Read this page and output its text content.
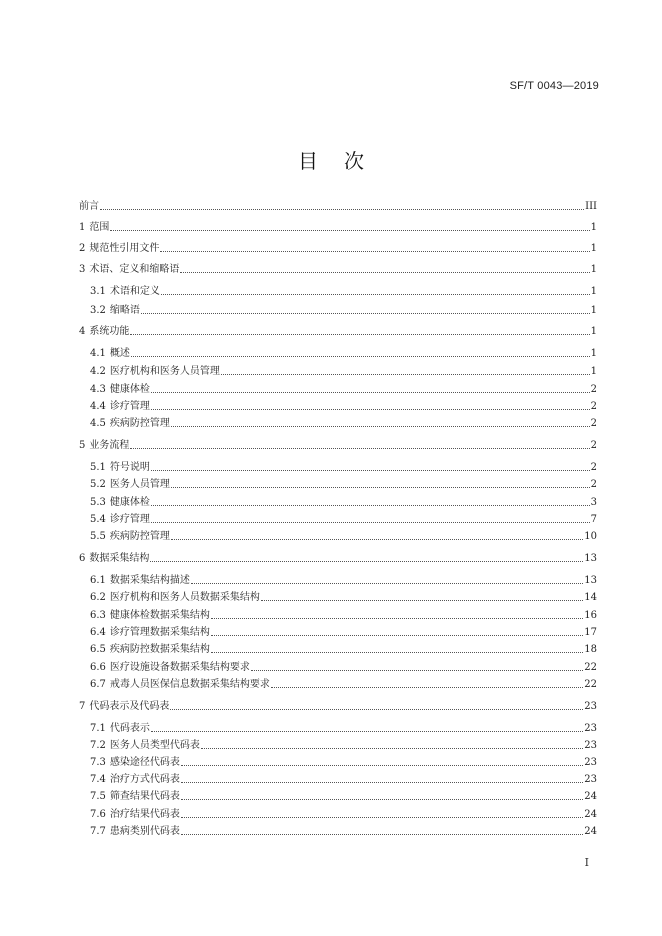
SF/T 0043—2019
目次
前言	III
1 范围	1
2 规范性引用文件	1
3 术语、定义和缩略语	1
3.1 术语和定义	1
3.2 缩略语	1
4 系统功能	1
4.1 概述	1
4.2 医疗机构和医务人员管理	1
4.3 健康体检	2
4.4 诊疗管理	2
4.5 疾病防控管理	2
5 业务流程	2
5.1 符号说明	2
5.2 医务人员管理	2
5.3 健康体检	3
5.4 诊疗管理	7
5.5 疾病防控管理	10
6 数据采集结构	13
6.1 数据采集结构描述	13
6.2 医疗机构和医务人员数据采集结构	14
6.3 健康体检数据采集结构	16
6.4 诊疗管理数据采集结构	17
6.5 疾病防控数据采集结构	18
6.6 医疗设施设备数据采集结构要求	22
6.7 戒毒人员医保信息数据采集结构要求	22
7 代码表示及代码表	23
7.1 代码表示	23
7.2 医务人员类型代码表	23
7.3 感染途径代码表	23
7.4 治疗方式代码表	23
7.5 筛查结果代码表	24
7.6 治疗结果代码表	24
7.7 患病类别代码表	24
I
